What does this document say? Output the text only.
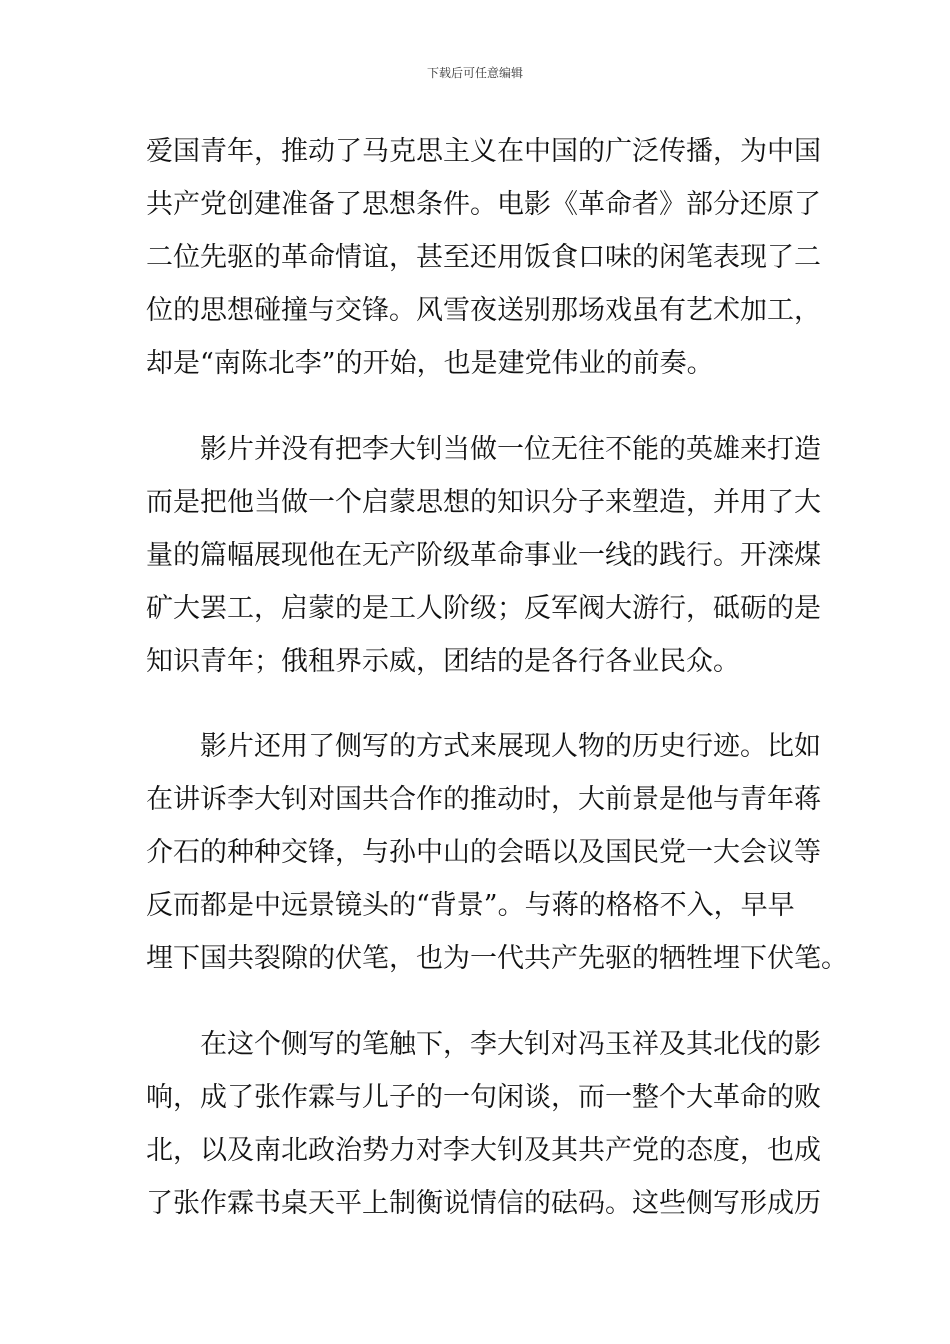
下载后可任意编辑
爱国青年，推动了马克思主义在中国的广泛传播，为中国
共产党创建准备了思想条件。电影《革命者》部分还原了
二位先驱的革命情谊，甚至还用饭食口味的闲笔表现了二
位的思想碰撞与交锋。风雪夜送别那场戏虽有艺术加工，
却是“南陈北李”的开始，也是建党伟业的前奏。
影片并没有把李大钊当做一位无往不能的英雄来打造
而是把他当做一个启蒙思想的知识分子来塑造，并用了大
量的篇幅展现他在无产阶级革命事业一线的践行。开滦煤
矿大罢工，启蒙的是工人阶级；反军阀大游行，砥砺的是
知识青年；俄租界示威，团结的是各行各业民众。
影片还用了侧写的方式来展现人物的历史行迹。比如
在讲诉李大钊对国共合作的推动时，大前景是他与青年蒋
介石的种种交锋，与孙中山的会晤以及国民党一大会议等
反而都是中远景镜头的“背景”。与蒋的格格不入，早早
埋下国共裂隙的伏笔，也为一代共产先驱的牺牲埋下伏笔。
在这个侧写的笔触下，李大钊对冯玉祥及其北伐的影
响，成了张作霖与儿子的一句闲谈，而一整个大革命的败
北，以及南北政治势力对李大钊及其共产党的态度，也成
了张作霖书桌天平上制衡说情信的砝码。这些侧写形成历
